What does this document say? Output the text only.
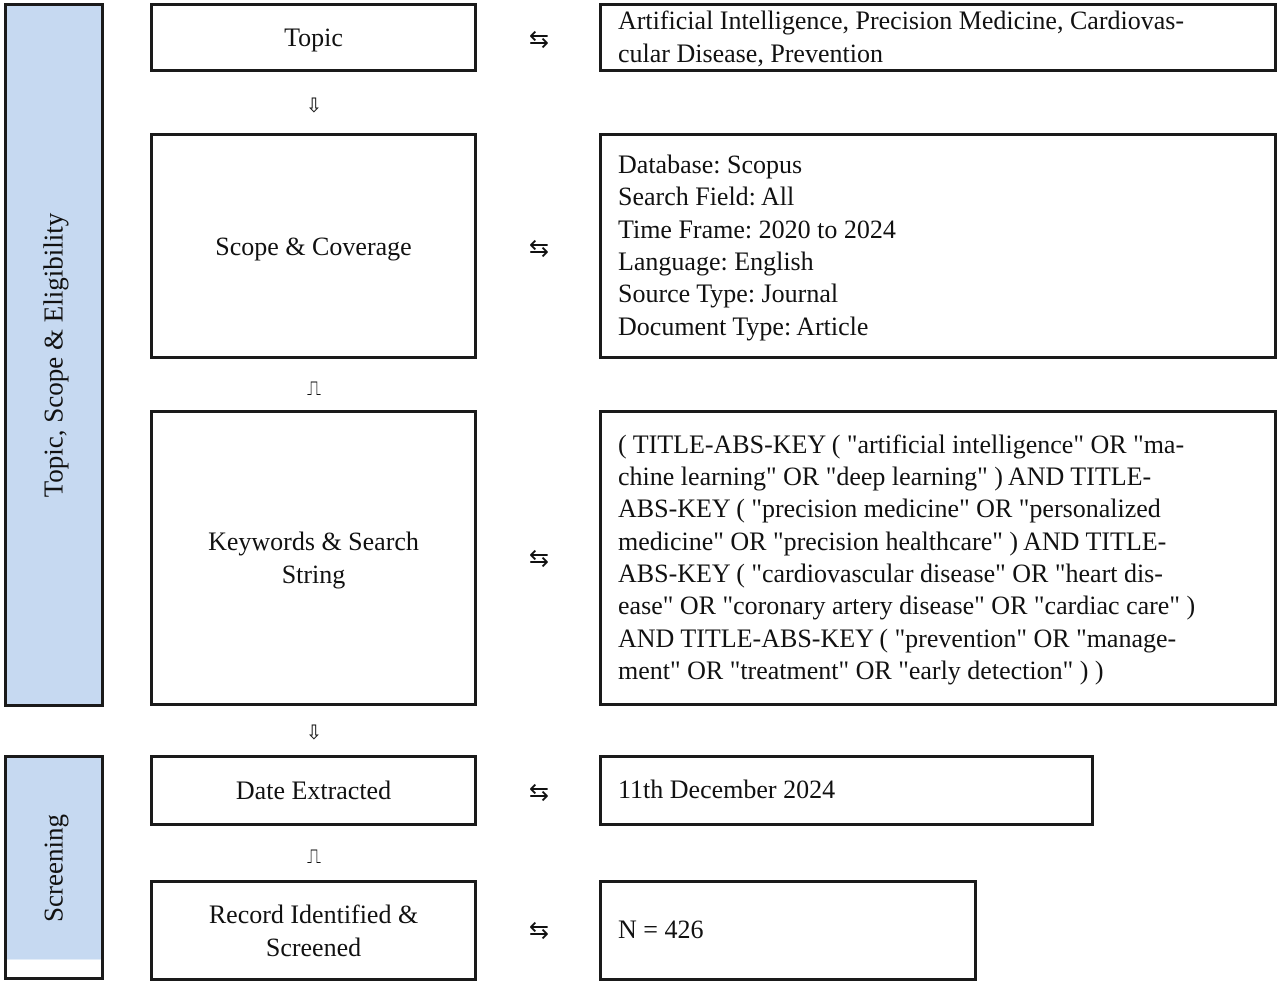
Topic, Scope & Eligibility
Screening
Topic
Scope & Coverage
Keywords & Search String
Date Extracted
Record Identified & Screened
⇩
⎍
⇩
⎍
⇆
⇆
⇆
⇆
⇆
Artificial Intelligence, Precision Medicine, Cardiovas-
cular Disease, Prevention
Database: Scopus
Search Field: All
Time Frame: 2020 to 2024
Language: English
Source Type: Journal
Document Type: Article
( TITLE-ABS-KEY ( "artificial intelligence" OR "ma-
chine learning" OR "deep learning" ) AND TITLE-
ABS-KEY ( "precision medicine" OR "personalized
medicine" OR "precision healthcare" ) AND TITLE-
ABS-KEY ( "cardiovascular disease" OR "heart dis-
ease" OR "coronary artery disease" OR "cardiac care" )
AND TITLE-ABS-KEY ( "prevention" OR "manage-
ment" OR "treatment" OR "early detection" ) )
11th December 2024
N = 426
